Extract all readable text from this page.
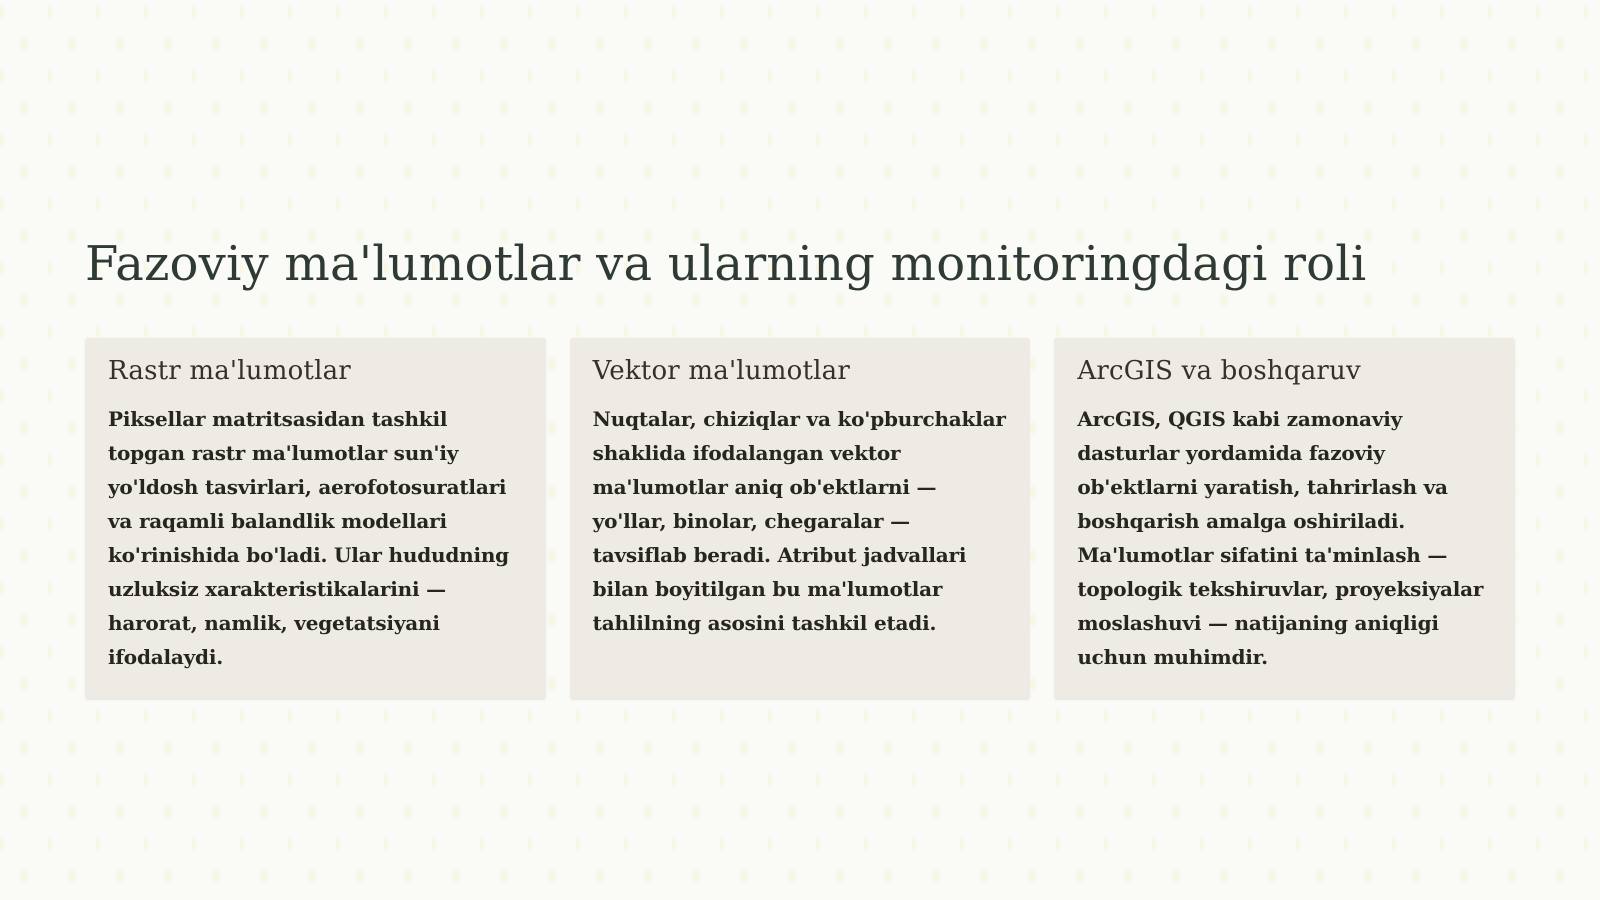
Fazoviy ma'lumotlar va ularning monitoringdagi roli
Rastr ma'lumotlar

Piksellar matritsasidan tashkil topgan rastr ma'lumotlar sun'iy yo'ldosh tasvirlari, aerofotosuratlari va raqamli balandlik modellari ko'rinishida bo'ladi. Ular hududning uzluksiz xarakteristikalarini — harorat, namlik, vegetatsiyani ifodalaydi.

Vektor ma'lumotlar

Nuqtalar, chiziqlar va ko'pburchaklar shaklida ifodalangan vektor ma'lumotlar aniq ob'ektlarni — yo'llar, binolar, chegaralar — tavsiflab beradi. Atribut jadvallari bilan boyitilgan bu ma'lumotlar tahlilning asosini tashkil etadi.

ArcGIS va boshqaruv

ArcGIS, QGIS kabi zamonaviy dasturlar yordamida fazoviy ob'ektlarni yaratish, tahrirlash va boshqarish amalga oshiriladi. Ma'lumotlar sifatini ta'minlash — topologik tekshiruvlar, proyeksiyalar moslashuvi — natijaning aniqligi uchun muhimdir.
